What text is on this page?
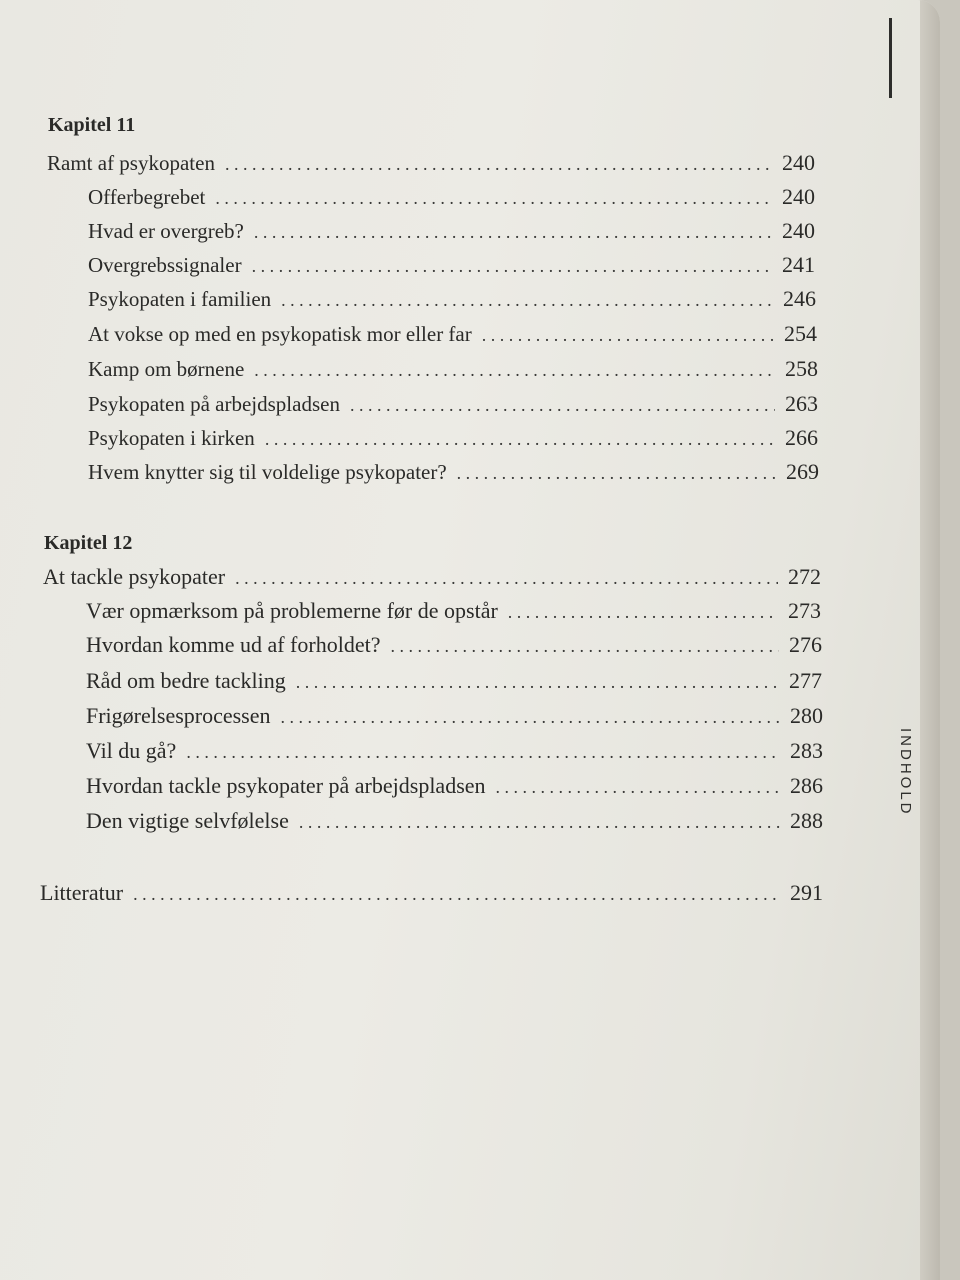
INDHOLD
Kapitel 11
Ramt af psykopaten . . .	240
Offerbegrebet . . .	240
Hvad er overgreb? . . .	240
Overgrebssignaler . . .	241
Psykopaten i familien . . .	246
At vokse op med en psykopatisk mor eller far . . .	254
Kamp om børnene . . .	258
Psykopaten på arbejdspladsen . . .	263
Psykopaten i kirken . . .	266
Hvem knytter sig til voldelige psykopater? . . .	269
Kapitel 12
At tackle psykopater . . .	272
Vær opmærksom på problemerne før de opstår . . .	273
Hvordan komme ud af forholdet? . . .	276
Råd om bedre tackling . . .	277
Frigørelsesprocessen . . .	280
Vil du gå? . . .	283
Hvordan tackle psykopater på arbejdspladsen . . .	286
Den vigtige selvfølelse . . .	288
Litteratur . . .	291
